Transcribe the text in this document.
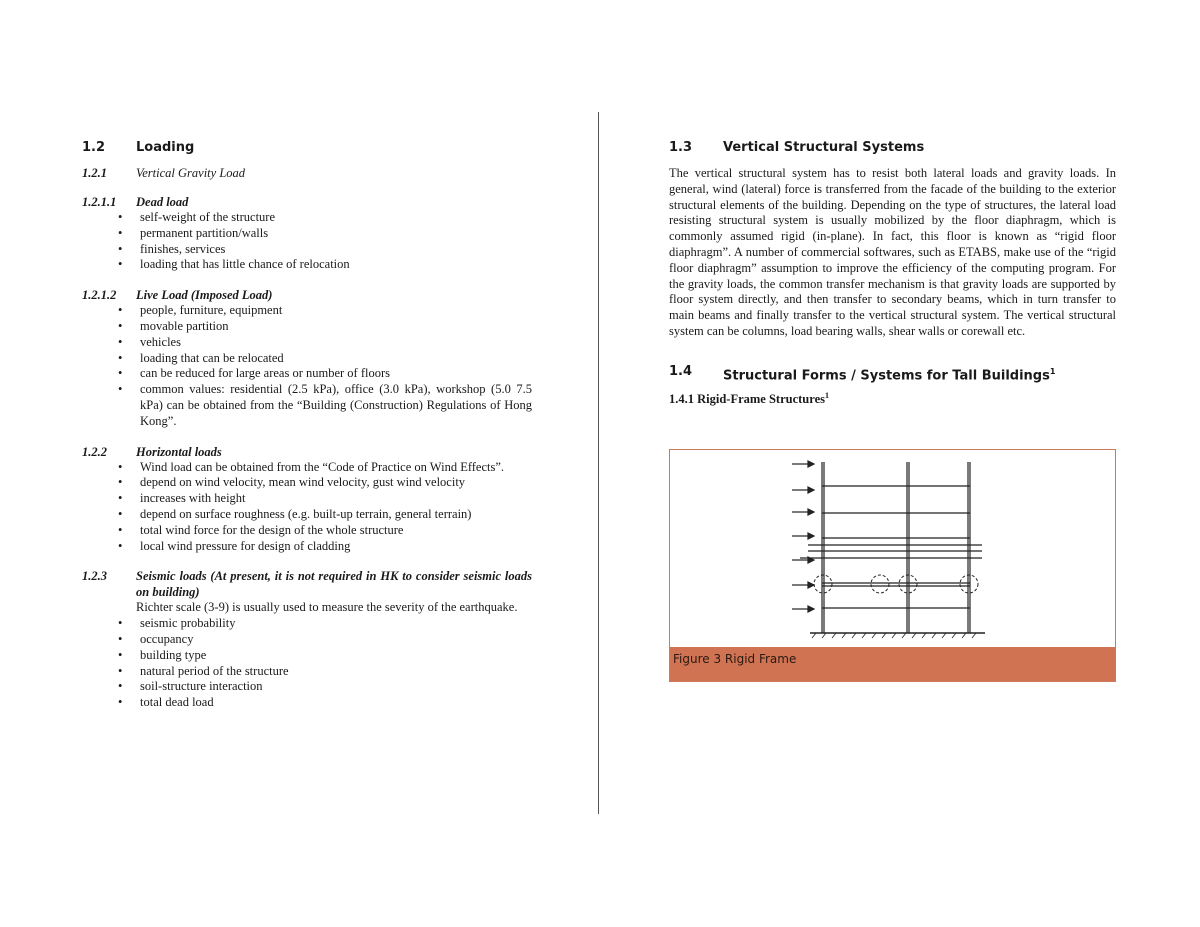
1.2	Loading
1.2.1	Vertical Gravity Load
1.2.1.1	Dead load
• self-weight of the structure
• permanent partition/walls
• finishes, services
• loading that has little chance of relocation
1.2.1.2	Live Load (Imposed Load)
• people, furniture, equipment
• movable partition
• vehicles
• loading that can be relocated
• can be reduced for large areas or number of floors
• common values: residential (2.5 kPa), office (3.0 kPa), workshop (5.0 7.5 kPa) can be obtained from the “Building (Construction) Regulations of Hong Kong”.
1.2.2	Horizontal loads
• Wind load can be obtained from the “Code of Practice on Wind Effects”.
• depend on wind velocity, mean wind velocity, gust wind velocity
• increases with height
• depend on surface roughness (e.g. built-up terrain, general terrain)
• total wind force for the design of the whole structure
• local wind pressure for design of cladding
1.2.3	Seismic loads (At present, it is not required in HK to consider seismic loads on building)

Richter scale (3-9) is usually used to measure the severity of the earthquake.

• seismic probability
• occupancy
• building type
• natural period of the structure
• soil-structure interaction
• total dead load
1.3	Vertical Structural Systems

The vertical structural system has to resist both lateral loads and gravity loads. In general, wind (lateral) force is transferred from the facade of the building to the exterior structural elements of the building. Depending on the type of structures, the lateral load resisting structural system is usually mobilized by the floor diaphragm, which is commonly assumed rigid (in-plane). In fact, this floor is known as “rigid floor diaphragm”. A number of commercial softwares, such as ETABS, make use of the “rigid floor diaphragm” assumption to improve the efficiency of the computing program. For the gravity loads, the common transfer mechanism is that gravity loads are supported by floor system directly, and then transfer to secondary beams, which in turn transfer to main beams and finally transfer to the vertical structural system. The vertical structural system can be columns, load bearing walls, shear walls or corewall etc.

1.4	Structural Forms / Systems for Tall Buildings$^1$

1.4.1 Rigid-Frame Structures$^1$

Figure 3 Rigid Frame
